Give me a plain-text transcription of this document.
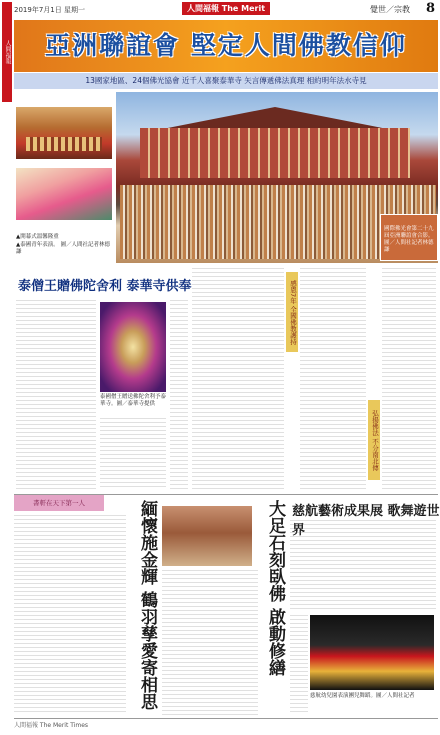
人間福報
2019年7月1日 星期一	人間福報 The Merit	覺世／宗教 8
亞洲聯誼會 堅定人間佛教信仰
13國家地區、24個佛光協會 近千人喜聚泰華寺 矢言傳遞佛法真理 相約明年法水寺見
▲開幕式溫馨隆重
▲泰國青年表演。 圖／人間社記者林德謙
國際佛光會第二十九屆亞洲聯誼會合影。圖／人間社記者林德謙
泰僧王贈佛陀舍利 泰華寺供奉
泰國僧王贈送佛陀舍利予泰華寺。圖／泰華寺提供
感恩7年 全國佛教護持
弘揚佛法 不分南北傳
書軒在天下第一人	緬懷施金輝 鶴羽孳愛寄相思	大足石刻臥佛 啟動修繕 慈航藝術成果展 歌舞遊世界
慈航幼兒園表演團兒舞蹈。圖／人間社記者
人間福報 The Merit Times
